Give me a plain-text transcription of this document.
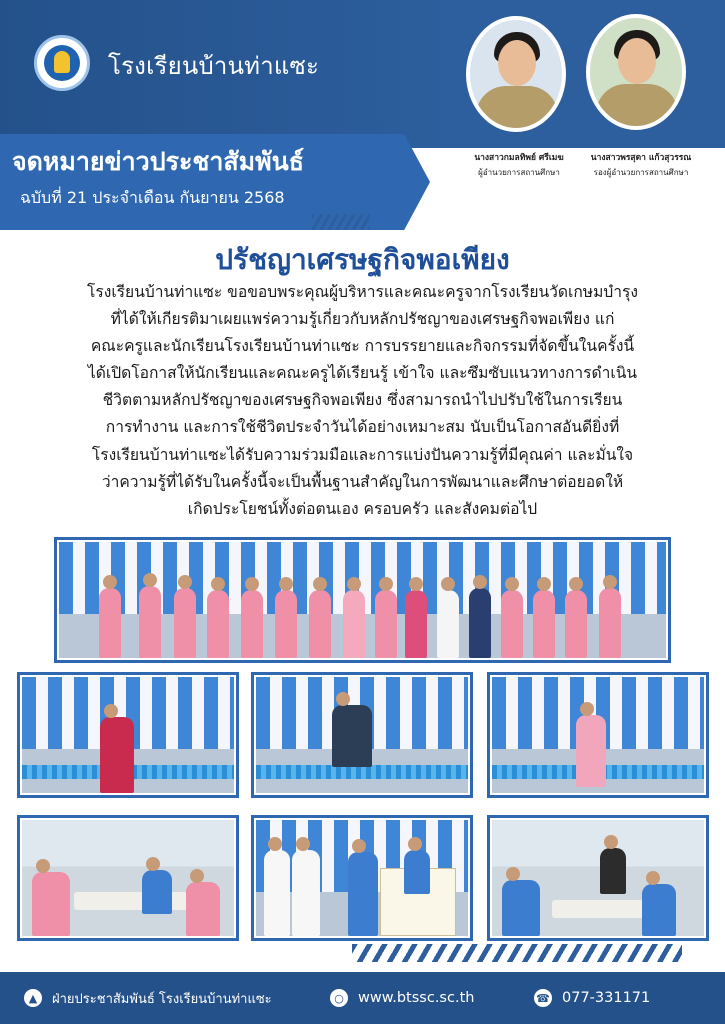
โรงเรียนบ้านท่าแซะ
นางสาวกมลทิพย์ ศรีเมฆ
ผู้อำนวยการสถานศึกษา
นางสาวพรสุดา แก้วสุวรรณ
รองผู้อำนวยการสถานศึกษา
จดหมายข่าวประชาสัมพันธ์
ฉบับที่ 21 ประจำเดือน กันยายน 2568
ปรัชญาเศรษฐกิจพอเพียง
โรงเรียนบ้านท่าแซะ ขอขอบพระคุณผู้บริหารและคณะครูจากโรงเรียนวัดเกษมบำรุง
ที่ได้ให้เกียรติมาเผยแพร่ความรู้เกี่ยวกับหลักปรัชญาของเศรษฐกิจพอเพียง แก่
คณะครูและนักเรียนโรงเรียนบ้านท่าแซะ การบรรยายและกิจกรรมที่จัดขึ้นในครั้งนี้
ได้เปิดโอกาสให้นักเรียนและคณะครูได้เรียนรู้ เข้าใจ และซึมซับแนวทางการดำเนิน
ชีวิตตามหลักปรัชญาของเศรษฐกิจพอเพียง ซึ่งสามารถนำไปปรับใช้ในการเรียน
การทำงาน และการใช้ชีวิตประจำวันได้อย่างเหมาะสม นับเป็นโอกาสอันดียิ่งที่
โรงเรียนบ้านท่าแซะได้รับความร่วมมือและการแบ่งปันความรู้ที่มีคุณค่า และมั่นใจ
ว่าความรู้ที่ได้รับในครั้งนี้จะเป็นพื้นฐานสำคัญในการพัฒนาและศึกษาต่อยอดให้
เกิดประโยชน์ทั้งต่อตนเอง ครอบครัว และสังคมต่อไป
▲	ฝ่ายประชาสัมพันธ์ โรงเรียนบ้านท่าแซะ	○ www.btssc.sc.th	☎ 077-331171
